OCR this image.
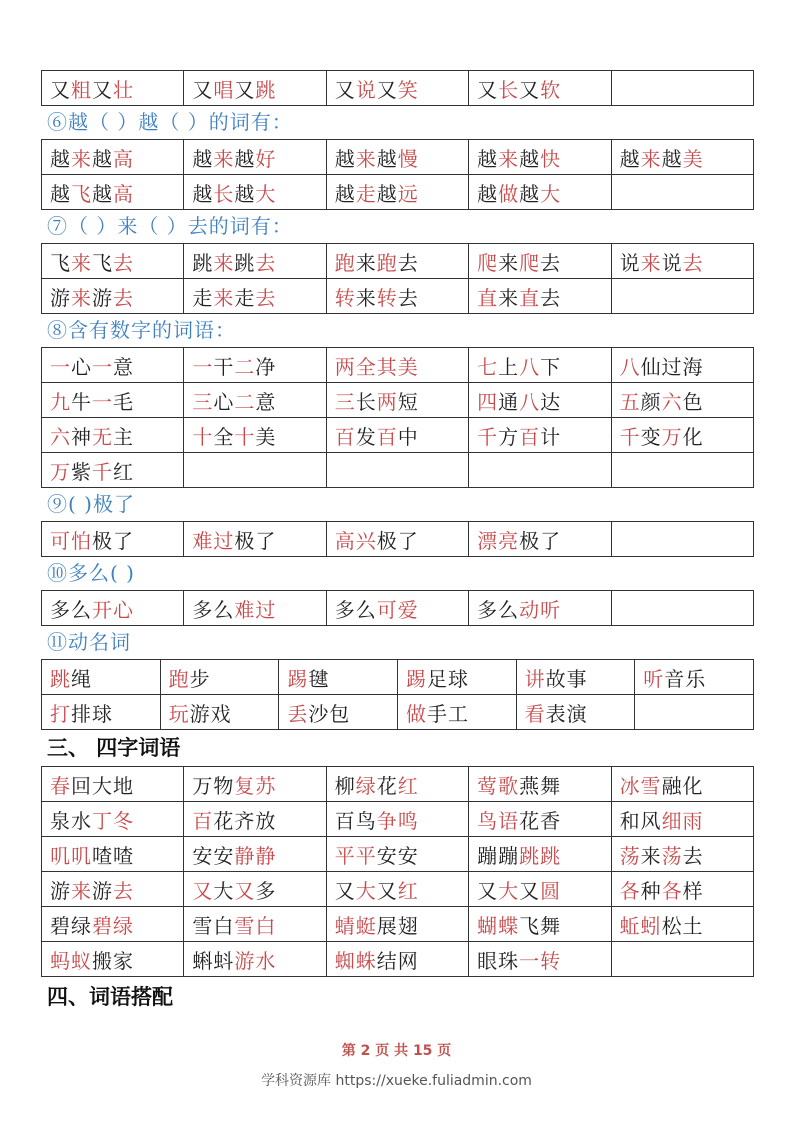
又粗又壮	又唱又跳	又说又笑	又长又软	
⑥越（ ）越（ ）的词有：
越来越高	越来越好	越来越慢	越来越快	越来越美
越飞越高	越长越大	越走越远	越做越大	
⑦（ ）来（ ）去的词有：
飞来飞去	跳来跳去	跑来跑去	爬来爬去	说来说去
游来游去	走来走去	转来转去	直来直去	
⑧含有数字的词语：
一心一意	一干二净	两全其美	七上八下	八仙过海
九牛一毛	三心二意	三长两短	四通八达	五颜六色
六神无主	十全十美	百发百中	千方百计	千变万化
万紫千红				
⑨( )极了
可怕极了	难过极了	高兴极了	漂亮极了	
⑩多么( )
多么开心	多么难过	多么可爱	多么动听	
⑪动名词
跳绳	跑步	踢毽	踢足球	讲故事	听音乐
打排球	玩游戏	丢沙包	做手工	看表演	
三、 四字词语
春回大地	万物复苏	柳绿花红	莺歌燕舞	冰雪融化
泉水丁冬	百花齐放	百鸟争鸣	鸟语花香	和风细雨
叽叽喳喳	安安静静	平平安安	蹦蹦跳跳	荡来荡去
游来游去	又大又多	又大又红	又大又圆	各种各样
碧绿碧绿	雪白雪白	蜻蜓展翅	蝴蝶飞舞	蚯蚓松土
蚂蚁搬家	蝌蚪游水	蜘蛛结网	眼珠一转	
四、词语搭配
第 2 页 共 15 页
学科资源库 https://xueke.fuliadmin.com
